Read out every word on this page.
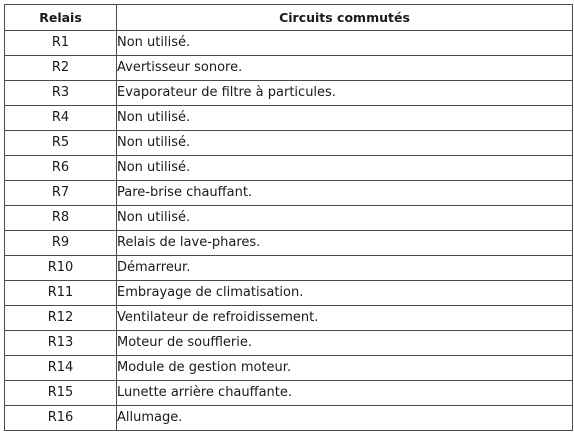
Relais	Circuits commutés
R1	Non utilisé.
R2	Avertisseur sonore.
R3	Evaporateur de filtre à particules.
R4	Non utilisé.
R5	Non utilisé.
R6	Non utilisé.
R7	Pare-brise chauffant.
R8	Non utilisé.
R9	Relais de lave-phares.
R10	Démarreur.
R11	Embrayage de climatisation.
R12	Ventilateur de refroidissement.
R13	Moteur de soufflerie.
R14	Module de gestion moteur.
R15	Lunette arrière chauffante.
R16	Allumage.
